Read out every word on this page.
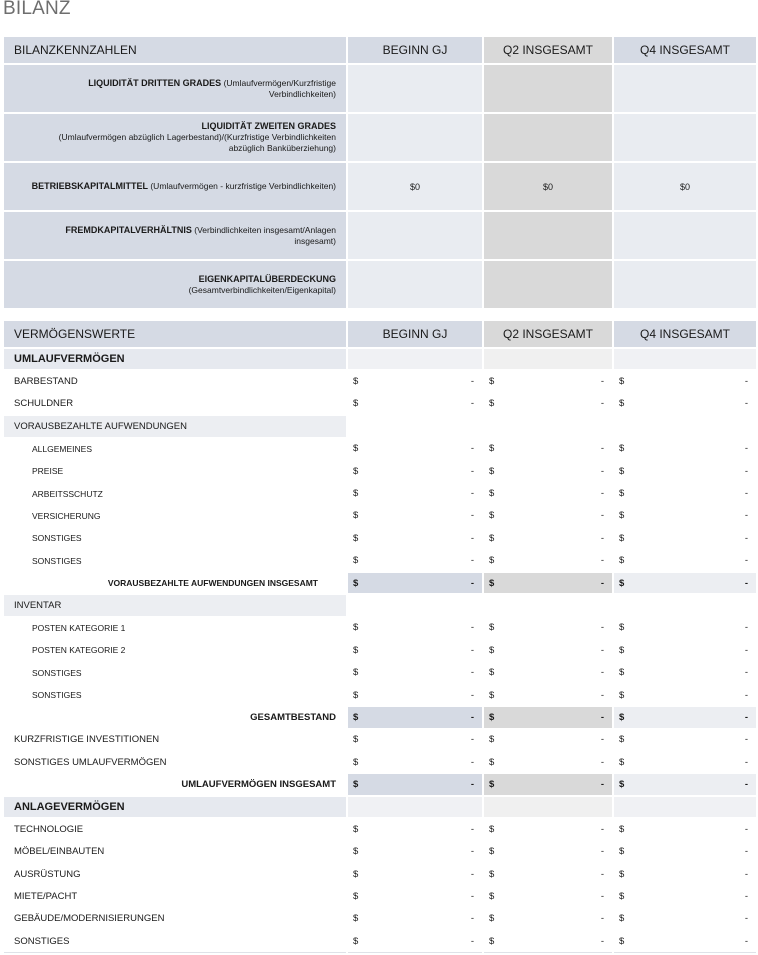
BILANZ
BILANZKENNZAHLEN	BEGINN GJ	Q2 INSGESAMT	Q4 INSGESAMT
LIQUIDITÄT DRITTEN GRADES (Umlaufvermögen/Kurzfristige Verbindlichkeiten)			
LIQUIDITÄT ZWEITEN GRADES
(Umlaufvermögen abzüglich Lagerbestand)/(Kurzfristige Verbindlichkeiten abzüglich Banküberziehung)			
BETRIEBSKAPITALMITTEL (Umlaufvermögen - kurzfristige Verbindlichkeiten)	$0	$0	$0
FREMDKAPITALVERHÄLTNIS (Verbindlichkeiten insgesamt/Anlagen insgesamt)			
EIGENKAPITALÜBERDECKUNG
(Gesamtverbindlichkeiten/Eigenkapital)			
VERMÖGENSWERTE	BEGINN GJ	Q2 INSGESAMT	Q4 INSGESAMT
UMLAUFVERMÖGEN			
BARBESTAND	$ -	$ -	$ -

SCHULDNER	$ -	$ -	$ -

VORAUSBEZAHLTE AUFWENDUNGEN			
ALLGEMEINES	$ -	$ -	$ -

PREISE	$ -	$ -	$ -

ARBEITSSCHUTZ	$ -	$ -	$ -

VERSICHERUNG	$ -	$ -	$ -

SONSTIGES	$ -	$ -	$ -

SONSTIGES	$ -	$ -	$ -

VORAUSBEZAHLTE AUFWENDUNGEN INSGESAMT	$ -	$ -	$ -

INVENTAR			
POSTEN KATEGORIE 1	$ -	$ -	$ -

POSTEN KATEGORIE 2	$ -	$ -	$ -

SONSTIGES	$ -	$ -	$ -

SONSTIGES	$ -	$ -	$ -

GESAMTBESTAND	$ -	$ -	$ -

KURZFRISTIGE INVESTITIONEN	$ -	$ -	$ -

SONSTIGES UMLAUFVERMÖGEN	$ -	$ -	$ -

UMLAUFVERMÖGEN INSGESAMT	$ -	$ -	$ -

ANLAGEVERMÖGEN			
TECHNOLOGIE	$ -	$ -	$ -

MÖBEL/EINBAUTEN	$ -	$ -	$ -

AUSRÜSTUNG	$ -	$ -	$ -

MIETE/PACHT	$ -	$ -	$ -

GEBÄUDE/MODERNISIERUNGEN	$ -	$ -	$ -

SONSTIGES	$ -	$ -	$ -
